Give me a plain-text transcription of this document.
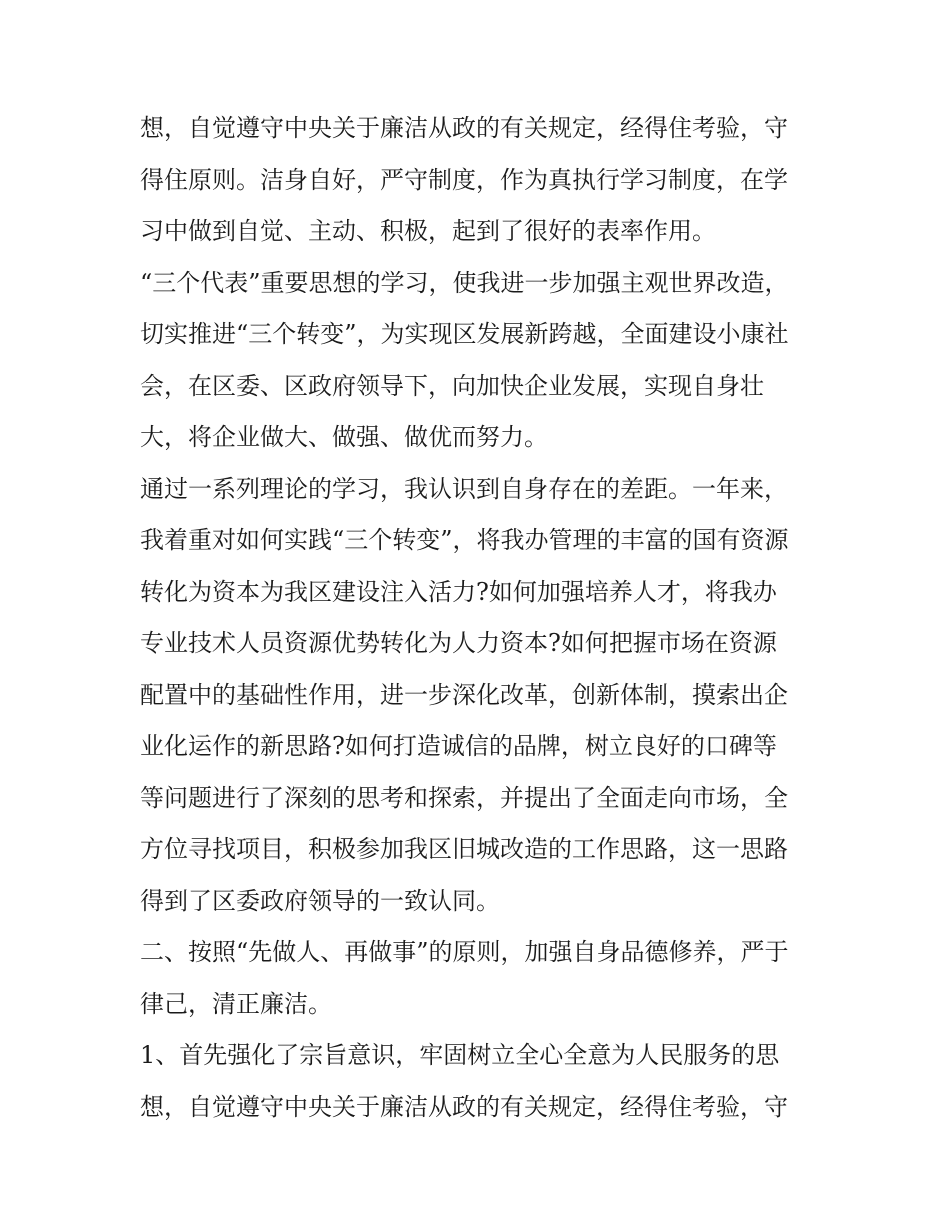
想，自觉遵守中央关于廉洁从政的有关规定，经得住考验，守
得住原则。洁身自好，严守制度，作为真执行学习制度，在学
习中做到自觉、主动、积极，起到了很好的表率作用。
“三个代表”重要思想的学习，使我进一步加强主观世界改造，
切实推进“三个转变”，为实现区发展新跨越，全面建设小康社
会，在区委、区政府领导下，向加快企业发展，实现自身壮
大，将企业做大、做强、做优而努力。
通过一系列理论的学习，我认识到自身存在的差距。一年来，
我着重对如何实践“三个转变”，将我办管理的丰富的国有资源
转化为资本为我区建设注入活力?如何加强培养人才，将我办
专业技术人员资源优势转化为人力资本?如何把握市场在资源
配置中的基础性作用，进一步深化改革，创新体制，摸索出企
业化运作的新思路?如何打造诚信的品牌，树立良好的口碑等
等问题进行了深刻的思考和探索，并提出了全面走向市场，全
方位寻找项目，积极参加我区旧城改造的工作思路，这一思路
得到了区委政府领导的一致认同。
二、按照“先做人、再做事”的原则，加强自身品德修养，严于
律己，清正廉洁。
1、首先强化了宗旨意识，牢固树立全心全意为人民服务的思
想，自觉遵守中央关于廉洁从政的有关规定，经得住考验，守
